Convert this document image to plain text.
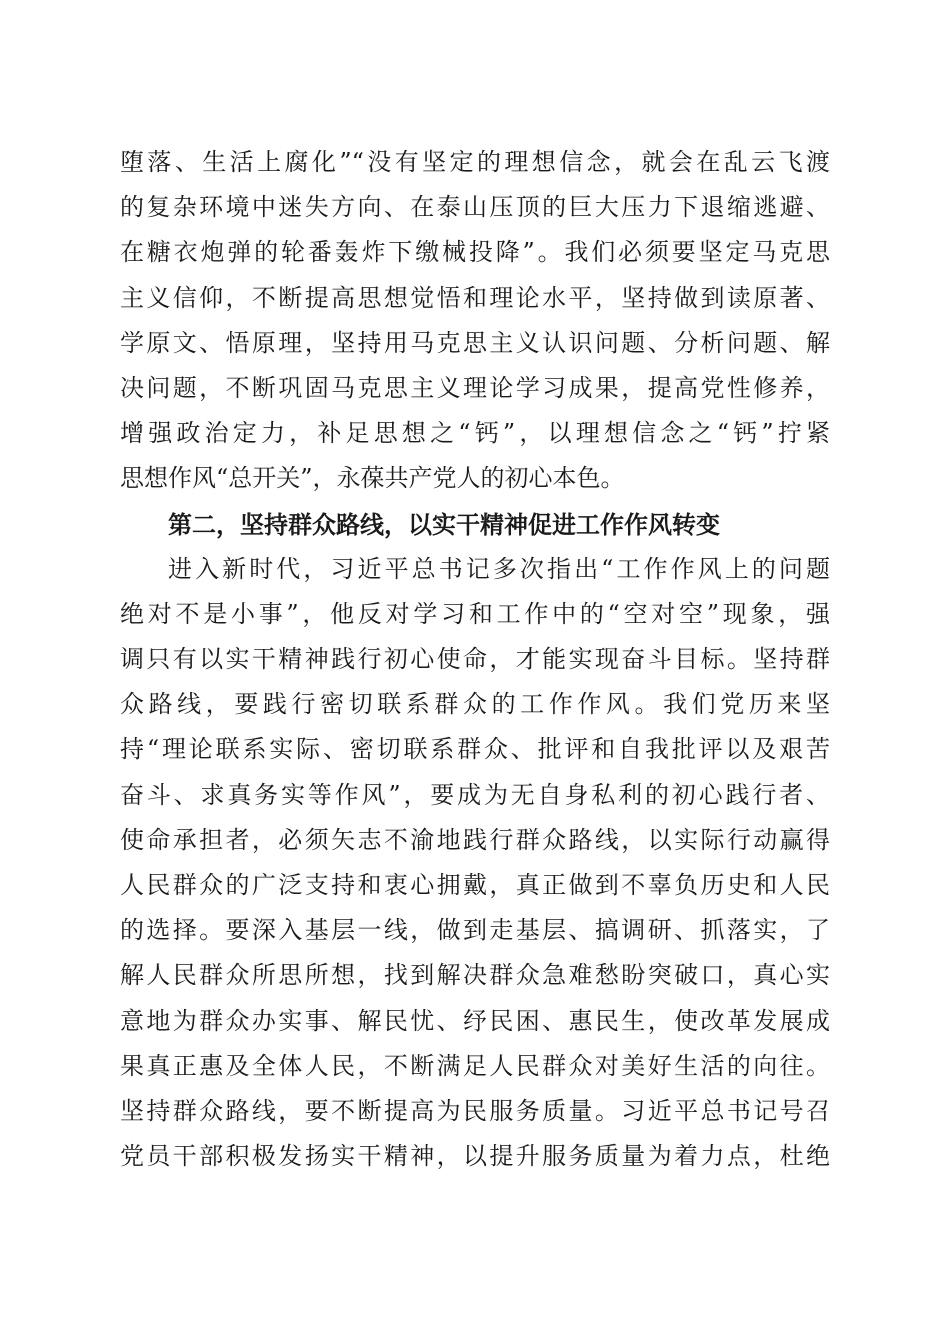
堕落、生活上腐化”“没有坚定的理想信念，就会在乱云飞渡
的复杂环境中迷失方向、在泰山压顶的巨大压力下退缩逃避、
在糖衣炮弹的轮番轰炸下缴械投降”。我们必须要坚定马克思
主义信仰，不断提高思想觉悟和理论水平，坚持做到读原著、
学原文、悟原理，坚持用马克思主义认识问题、分析问题、解
决问题，不断巩固马克思主义理论学习成果，提高党性修养，
增强政治定力，补足思想之“钙”，以理想信念之“钙”拧紧
思想作风“总开关”，永葆共产党人的初心本色。
第二，坚持群众路线，以实干精神促进工作作风转变
进入新时代，习近平总书记多次指出“工作作风上的问题
绝对不是小事”，他反对学习和工作中的“空对空”现象，强
调只有以实干精神践行初心使命，才能实现奋斗目标。坚持群
众路线，要践行密切联系群众的工作作风。我们党历来坚
持“理论联系实际、密切联系群众、批评和自我批评以及艰苦
奋斗、求真务实等作风”，要成为无自身私利的初心践行者、
使命承担者，必须矢志不渝地践行群众路线，以实际行动赢得
人民群众的广泛支持和衷心拥戴，真正做到不辜负历史和人民
的选择。要深入基层一线，做到走基层、搞调研、抓落实，了
解人民群众所思所想，找到解决群众急难愁盼突破口，真心实
意地为群众办实事、解民忧、纾民困、惠民生，使改革发展成
果真正惠及全体人民，不断满足人民群众对美好生活的向往。
坚持群众路线，要不断提高为民服务质量。习近平总书记号召
党员干部积极发扬实干精神，以提升服务质量为着力点，杜绝
